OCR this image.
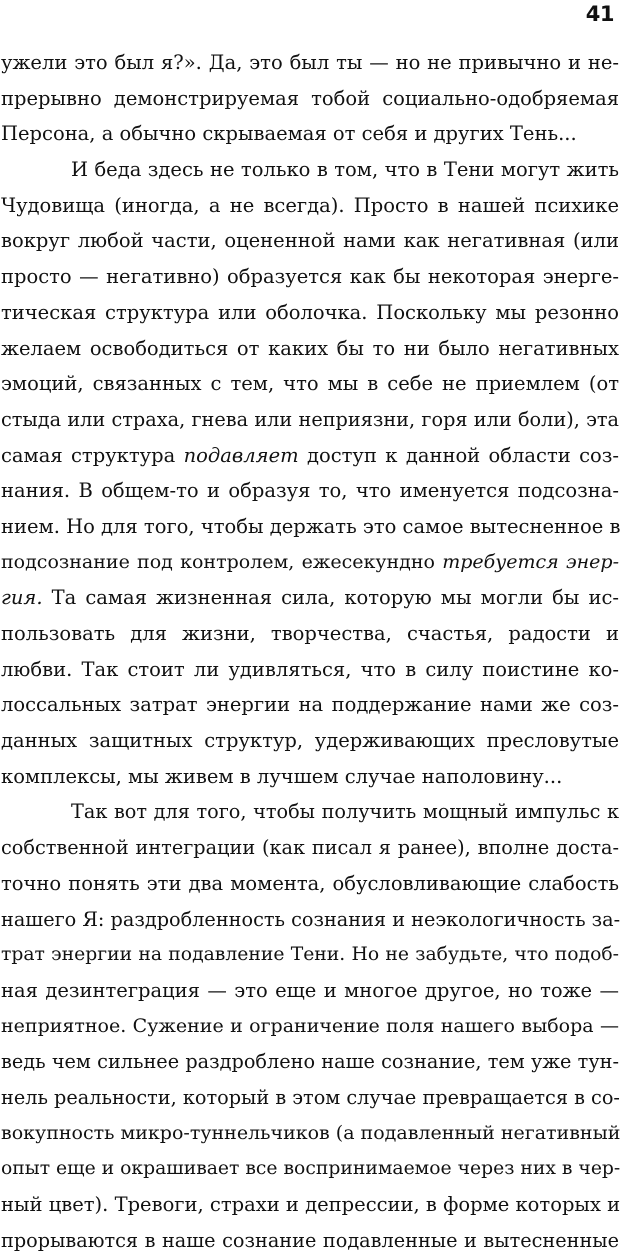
41
ужели это был я?». Да, это был ты — но не привычно и не-
прерывно демонстрируемая тобой социально-одобряемая
Персона, а обычно скрываемая от себя и других Тень...
И беда здесь не только в том, что в Тени могут жить
Чудовища (иногда, а не всегда). Просто в нашей психике
вокруг любой части, оцененной нами как негативная (или
просто — негативно) образуется как бы некоторая энерге-
тическая структура или оболочка. Поскольку мы резонно
желаем освободиться от каких бы то ни было негативных
эмоций, связанных с тем, что мы в себе не приемлем (от
стыда или страха, гнева или неприязни, горя или боли), эта
самая структура подавляет доступ к данной области соз-
нания. В общем-то и образуя то, что именуется подсозна-
нием. Но для того, чтобы держать это самое вытесненное в
подсознание под контролем, ежесекундно требуется энер-
гия. Та самая жизненная сила, которую мы могли бы ис-
пользовать для жизни, творчества, счастья, радости и
любви. Так стоит ли удивляться, что в силу поистине ко-
лоссальных затрат энергии на поддержание нами же соз-
данных защитных структур, удерживающих пресловутые
комплексы, мы живем в лучшем случае наполовину...
Так вот для того, чтобы получить мощный импульс к
собственной интеграции (как писал я ранее), вполне доста-
точно понять эти два момента, обусловливающие слабость
нашего Я: раздробленность сознания и неэкологичность за-
трат энергии на подавление Тени. Но не забудьте, что подоб-
ная дезинтеграция — это еще и многое другое, но тоже —
неприятное. Сужение и ограничение поля нашего выбора —
ведь чем сильнее раздроблено наше сознание, тем уже тун-
нель реальности, который в этом случае превращается в со-
вокупность микро-туннельчиков (а подавленный негативный
опыт еще и окрашивает все воспринимаемое через них в чер-
ный цвет). Тревоги, страхи и депрессии, в форме которых и
прорываются в наше сознание подавленные и вытесненные
